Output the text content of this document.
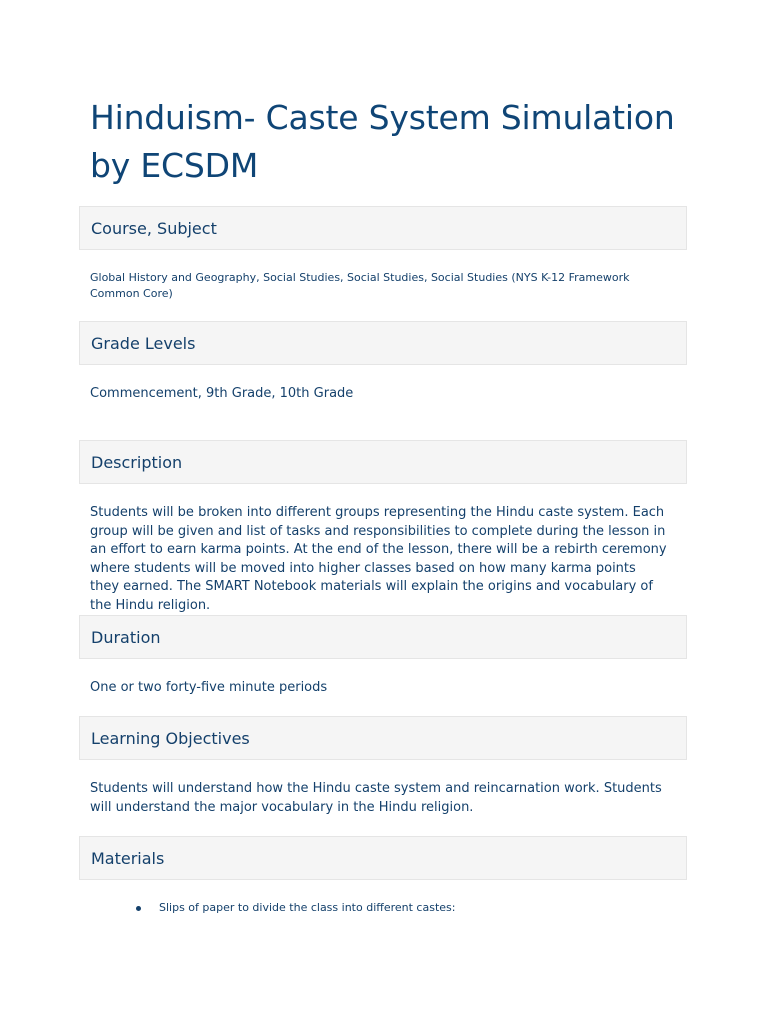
Hinduism- Caste System Simulation by ECSDM
Course, Subject

Global History and Geography, Social Studies, Social Studies, Social Studies (NYS K-12 Framework Common Core)

Grade Levels

Commencement, 9th Grade, 10th Grade

Description

Students will be broken into different groups representing the Hindu caste system. Each group will be given and list of tasks and responsibilities to complete during the lesson in an effort to earn karma points. At the end of the lesson, there will be a rebirth ceremony where students will be moved into higher classes based on how many karma points they earned. The SMART Notebook materials will explain the origins and vocabulary of the Hindu religion.

Duration

One or two forty-five minute periods

Learning Objectives

Students will understand how the Hindu caste system and reincarnation work. Students will understand the major vocabulary in the Hindu religion.

Materials
Slips of paper to divide the class into different castes:
